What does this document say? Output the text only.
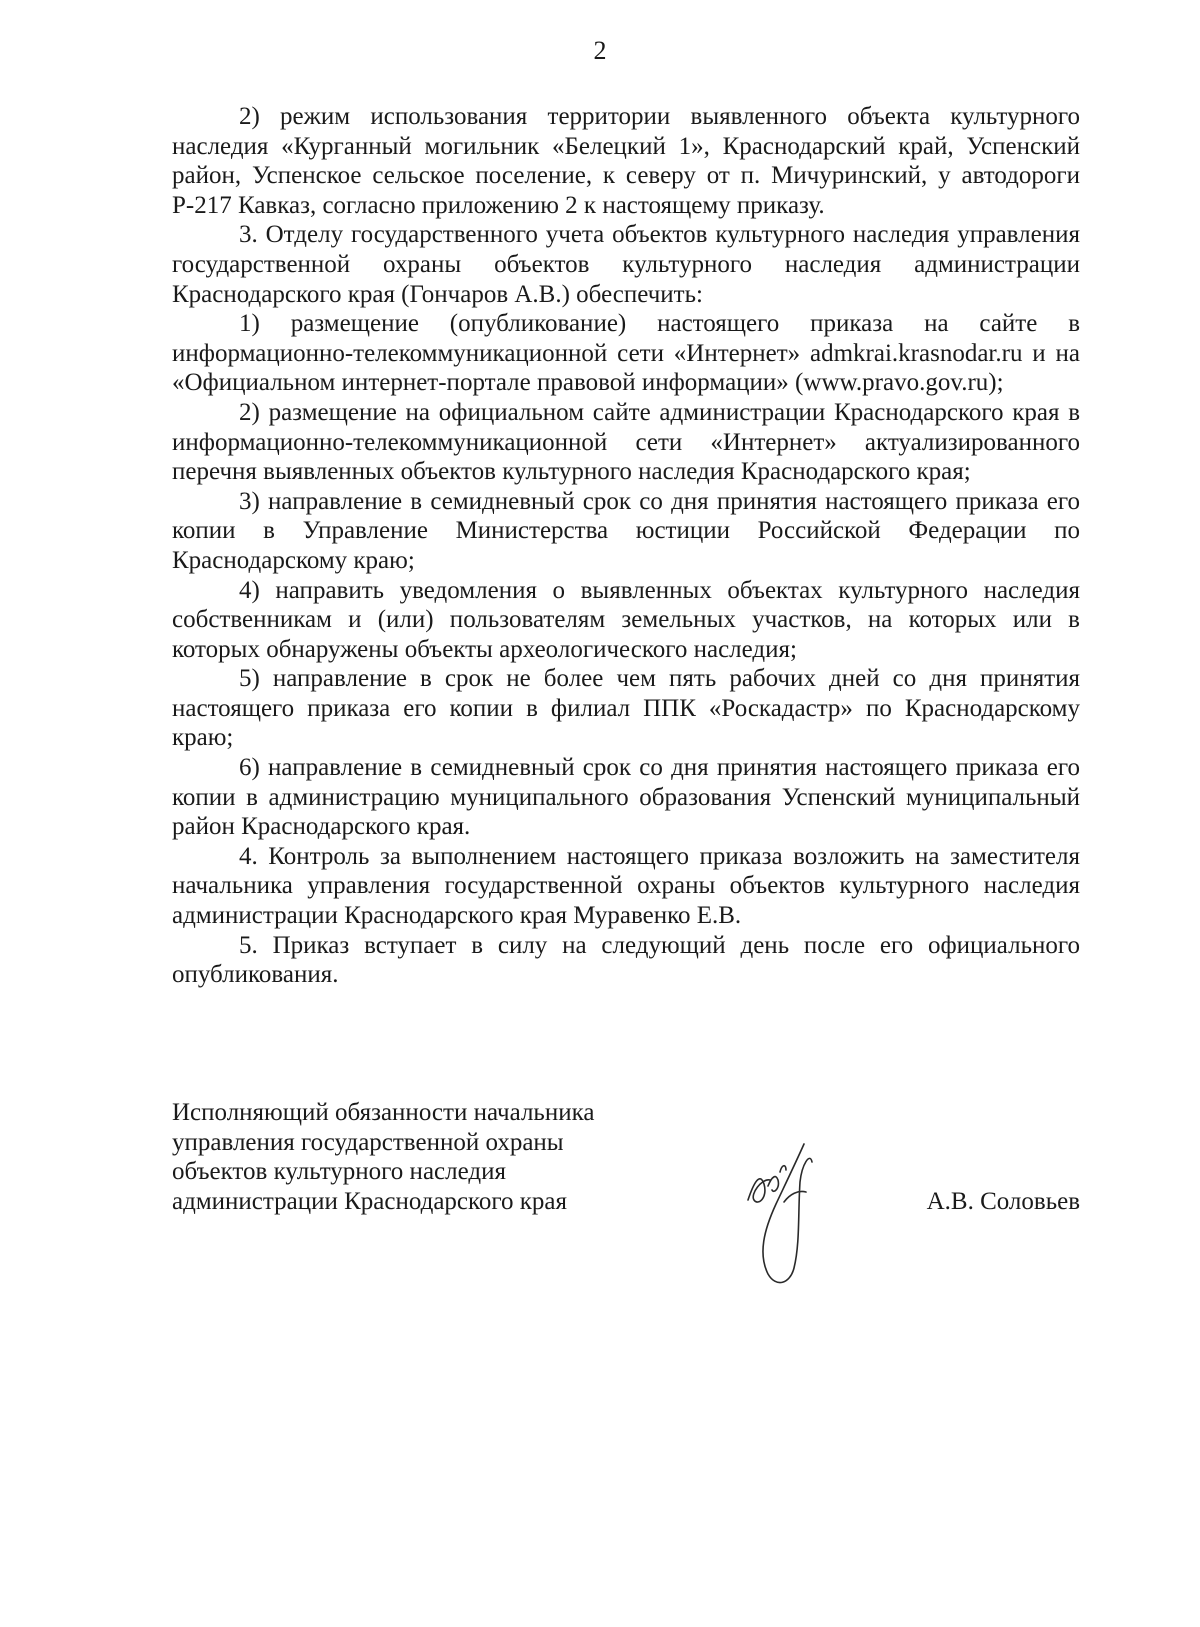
2

2) режим использования территории выявленного объекта культурного наследия «Курганный могильник «Белецкий 1», Краснодарский край, Успенский район, Успенское сельское поселение, к северу от п. Мичуринский, у автодороги Р-217 Кавказ, согласно приложению 2 к настоящему приказу.

3. Отделу государственного учета объектов культурного наследия управления государственной охраны объектов культурного наследия администрации Краснодарского края (Гончаров А.В.) обеспечить:

1) размещение (опубликование) настоящего приказа на сайте в информационно-телекоммуникационной сети «Интернет» admkrai.krasnodar.ru и на «Официальном интернет-портале правовой информации» (www.pravo.gov.ru);

2) размещение на официальном сайте администрации Краснодарского края в информационно-телекоммуникационной сети «Интернет» актуализированного перечня выявленных объектов культурного наследия Краснодарского края;

3) направление в семидневный срок со дня принятия настоящего приказа его копии в Управление Министерства юстиции Российской Федерации по Краснодарскому краю;

4) направить уведомления о выявленных объектах культурного наследия собственникам и (или) пользователям земельных участков, на которых или в которых обнаружены объекты археологического наследия;

5) направление в срок не более чем пять рабочих дней со дня принятия настоящего приказа его копии в филиал ППК «Роскадастр» по Краснодарскому краю;

6) направление в семидневный срок со дня принятия настоящего приказа его копии в администрацию муниципального образования Успенский муниципальный район Краснодарского края.

4. Контроль за выполнением настоящего приказа возложить на заместителя начальника управления государственной охраны объектов культурного наследия администрации Краснодарского края Муравенко Е.В.

5. Приказ вступает в силу на следующий день после его официального опубликования.

Исполняющий обязанности начальника
управления государственной охраны
объектов культурного наследия
администрации Краснодарского края	А.В. Соловьев
